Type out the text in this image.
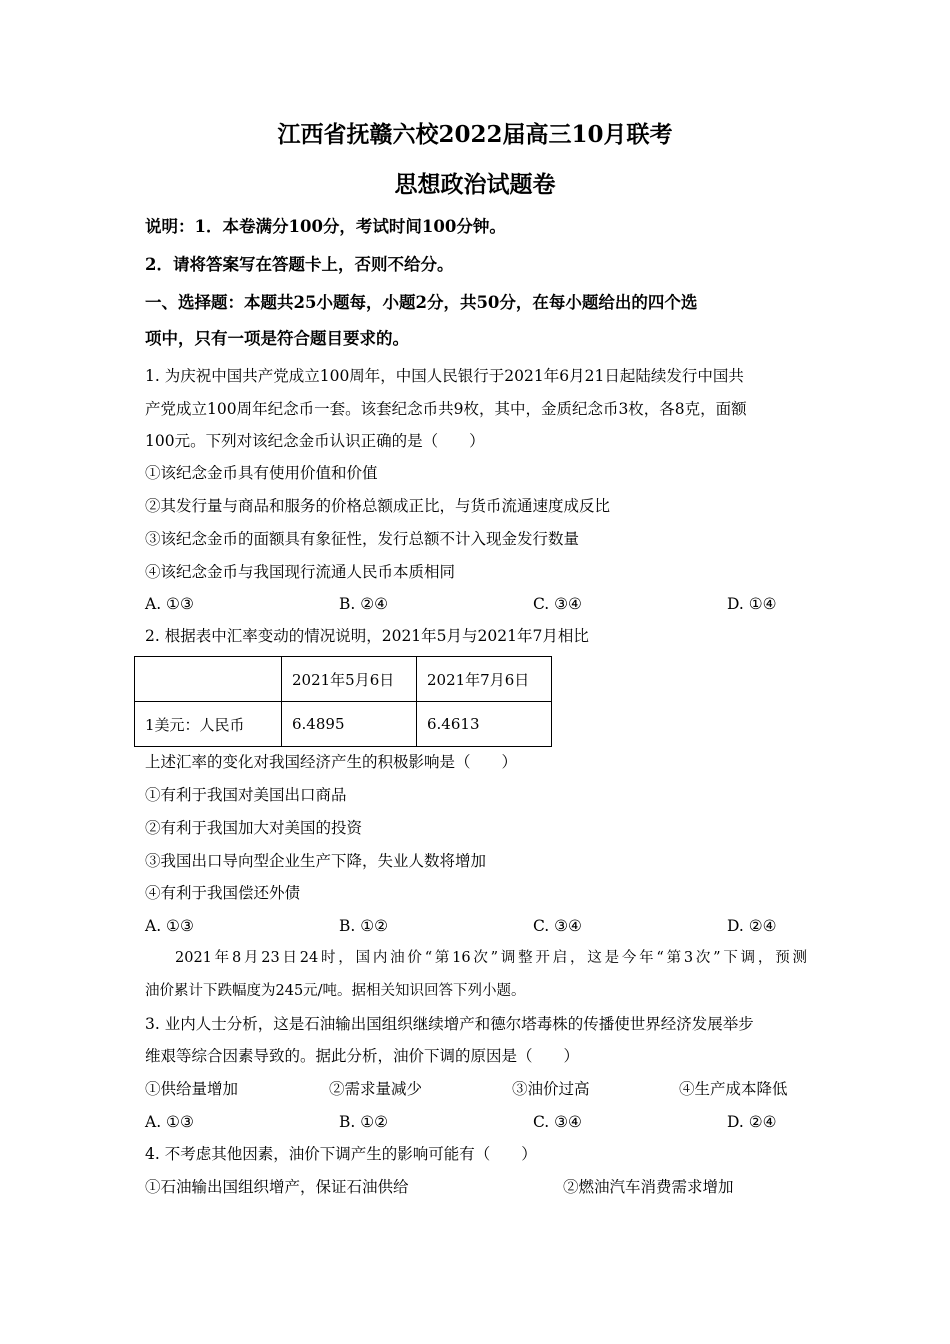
江西省抚赣六校2022届高三10月联考
思想政治试题卷
说明：1．本卷满分100分，考试时间100分钟。
2．请将答案写在答题卡上，否则不给分。
一、选择题：本题共25小题每，小题2分，共50分，在每小题给出的四个选
项中，只有一项是符合题目要求的。
1. 为庆祝中国共产党成立100周年，中国人民银行于2021年6月21日起陆续发行中国共
产党成立100周年纪念币一套。该套纪念币共9枚，其中，金质纪念币3枚，各8克，面额
100元。下列对该纪念金币认识正确的是（　　）
①该纪念金币具有使用价值和价值
②其发行量与商品和服务的价格总额成正比，与货币流通速度成反比
③该纪念金币的面额具有象征性，发行总额不计入现金发行数量
④该纪念金币与我国现行流通人民币本质相同
A. ①③	B. ②④	C. ③④	D. ①④
2. 根据表中汇率变动的情况说明，2021年5月与2021年7月相比
	2021年5月6日	2021年7月6日
1美元：人民币	6.4895	6.4613
上述汇率的变化对我国经济产生的积极影响是（　　）
①有利于我国对美国出口商品
②有利于我国加大对美国的投资
③我国出口导向型企业生产下降，失业人数将增加
④有利于我国偿还外债
A. ①③	B. ①②	C. ③④	D. ②④
2021年8月23日24时，国内油价“第16次”调整开启，这是今年“第3次”下调，预测
油价累计下跌幅度为245元/吨。据相关知识回答下列小题。
3. 业内人士分析，这是石油输出国组织继续增产和德尔塔毒株的传播使世界经济发展举步
维艰等综合因素导致的。据此分析，油价下调的原因是（　　）
①供给量增加	②需求量减少	③油价过高	④生产成本降低
A. ①③	B. ①②	C. ③④	D. ②④
4. 不考虑其他因素，油价下调产生的影响可能有（　　）
①石油输出国组织增产，保证石油供给	②燃油汽车消费需求增加
